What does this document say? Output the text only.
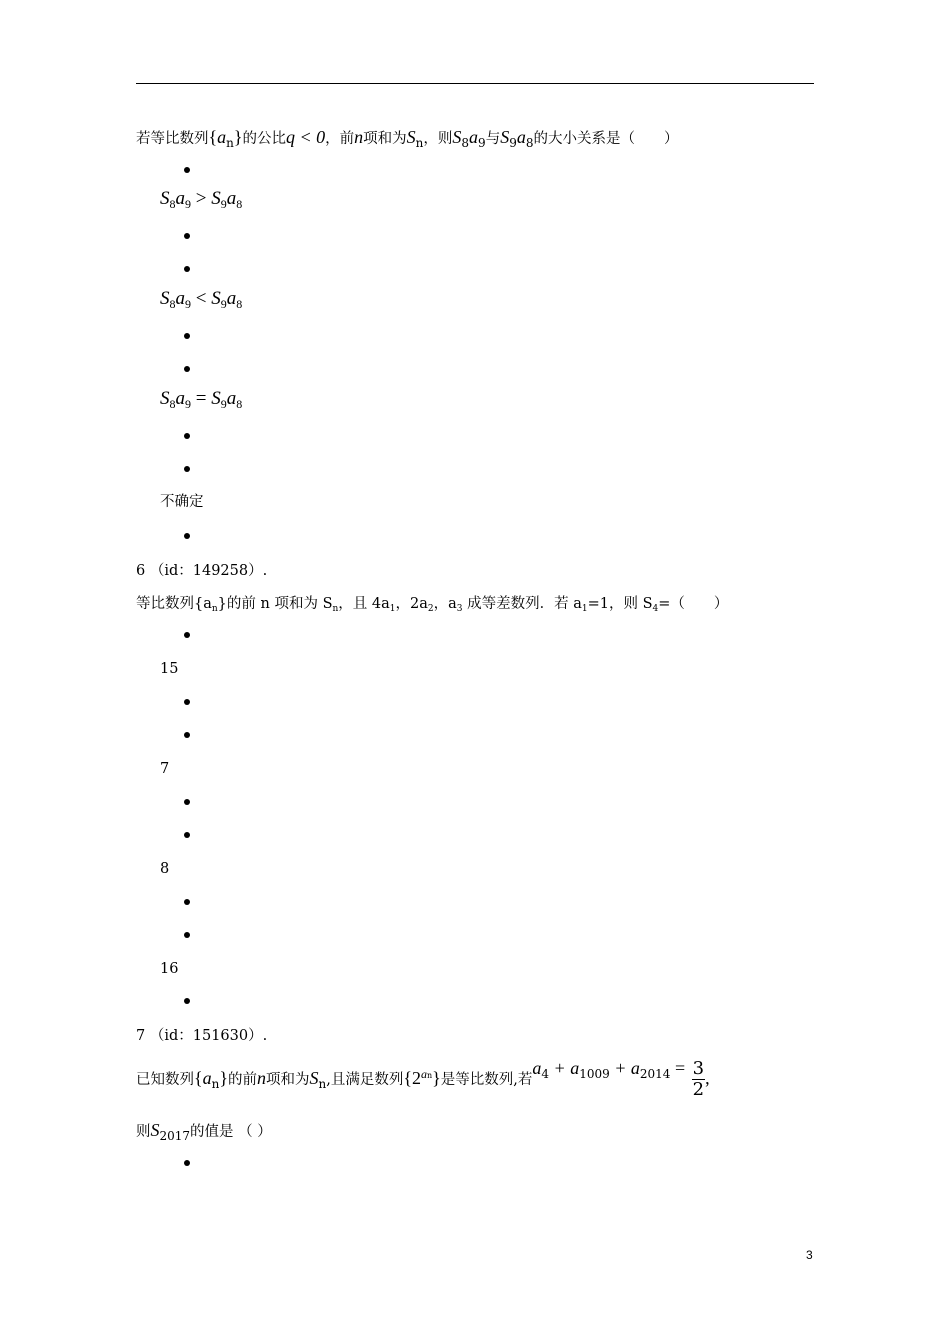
若等比数列$\{a_n\}$的公比q < 0，前n项和为$S_n$，则$S_8a_9$与$S_9a_8$的大小关系是（　　）
$S_8a_9 > S_9a_8$
$S_8a_9 < S_9a_8$
$S_8a_9 = S_9a_8$
不确定
6 （id：149258）.
等比数列$\{a_n\}$的前 n 项和为 $S_n$，且 $4a_1$，$2a_2$，$a_3$ 成等差数列．若 $a_1=1$，则 $S_4=$（　　）
15
7
8
16
7 （id：151630）.
已知数列$\{a_n\}$的前n项和为$S_n$,且满足数列$\{2^{an}\}$是等比数列,若$a_4 + a_{1009} + a_{2014} = \frac{3}{2}$ ,
则$S_{2017}$的值是 （ ）
3
